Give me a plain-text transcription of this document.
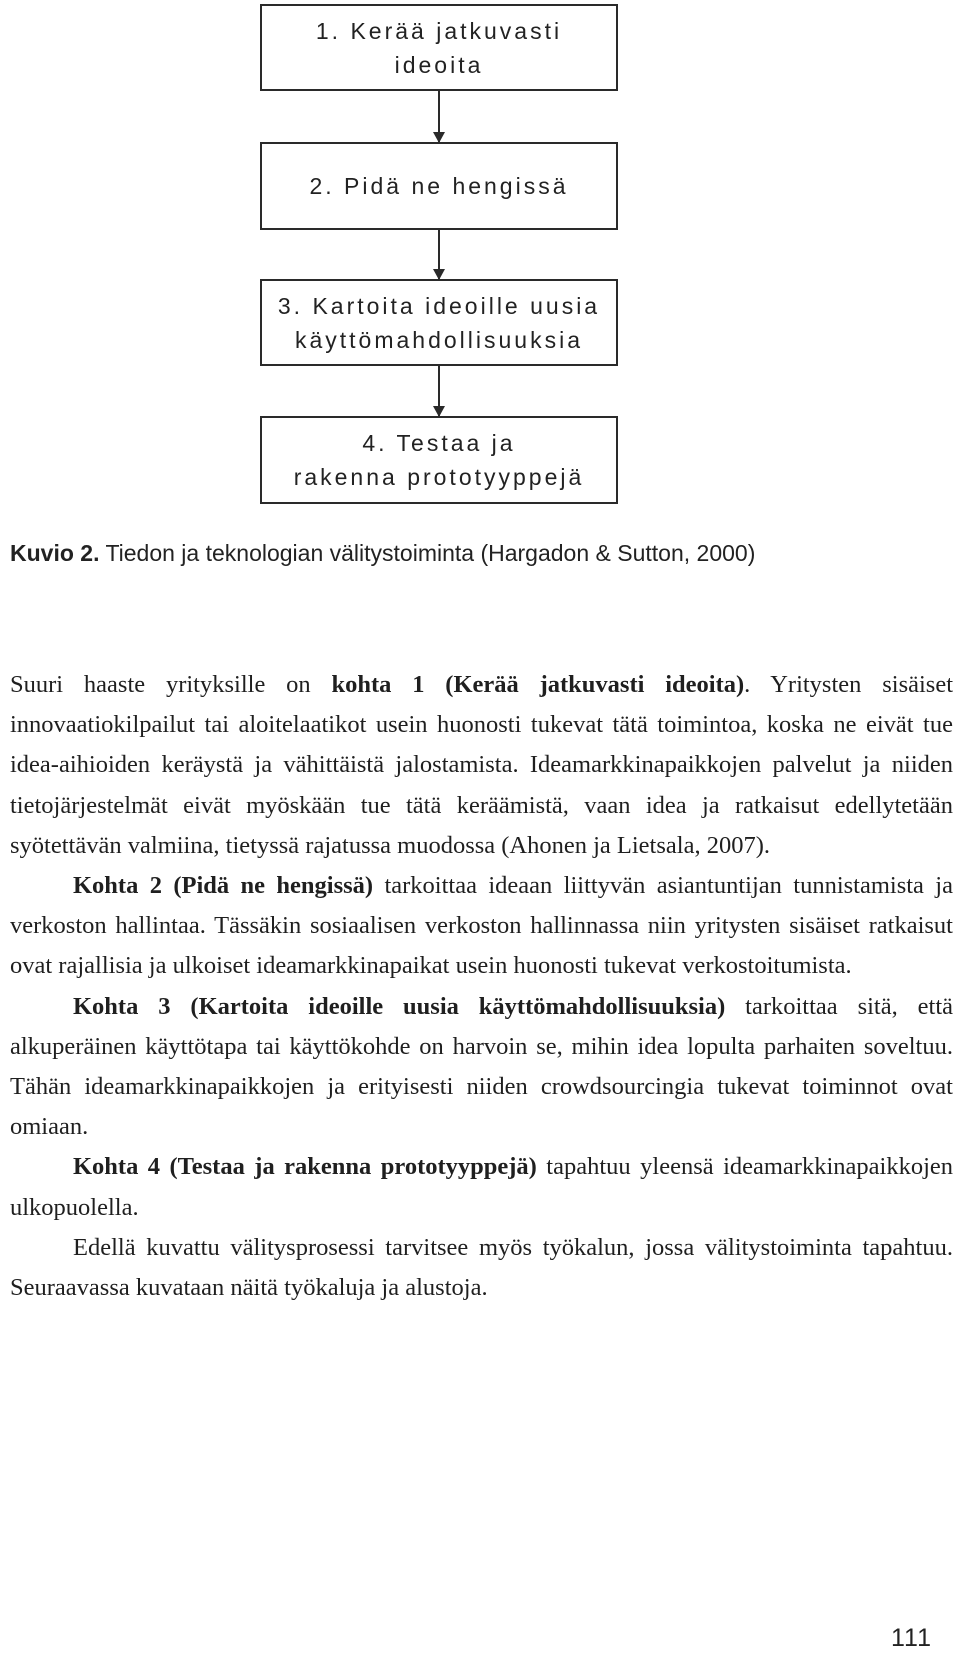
1. Kerää jatkuvasti
ideoita
2. Pidä ne hengissä
3. Kartoita ideoille uusia
käyttömahdollisuuksia
4. Testaa ja
rakenna prototyyppejä
Kuvio 2. Tiedon ja teknologian välitystoiminta (Hargadon & Sutton, 2000)

Suuri haaste yrityksille on kohta 1 (Kerää jatkuvasti ideoita). Yritysten sisäiset innovaatiokilpailut tai aloitelaatikot usein huonosti tukevat tätä toimintoa, koska ne eivät tue idea-aihioiden keräystä ja vähittäistä jalostamista. Ideamarkkinapaikkojen palvelut ja niiden tietojärjestelmät eivät myöskään tue tätä keräämistä, vaan idea ja ratkaisut edellytetään syötettävän valmiina, tietyssä rajatussa muodossa (Ahonen ja Lietsala, 2007).

Kohta 2 (Pidä ne hengissä) tarkoittaa ideaan liittyvän asiantuntijan tunnistamista ja verkoston hallintaa. Tässäkin sosiaalisen verkoston hallinnassa niin yritysten sisäiset ratkaisut ovat rajallisia ja ulkoiset ideamarkkinapaikat usein huonosti tukevat verkostoitumista.

Kohta 3 (Kartoita ideoille uusia käyttömahdollisuuksia) tarkoittaa sitä, että alkuperäinen käyttötapa tai käyttökohde on harvoin se, mihin idea lopulta parhaiten soveltuu. Tähän ideamarkkinapaikkojen ja erityisesti niiden crowdsourcingia tukevat toiminnot ovat omiaan.

Kohta 4 (Testaa ja rakenna prototyyppejä) tapahtuu yleensä ideamarkkinapaikkojen ulkopuolella.

Edellä kuvattu välitysprosessi tarvitsee myös työkalun, jossa välitystoiminta tapahtuu. Seuraavassa kuvataan näitä työkaluja ja alustoja.

111
